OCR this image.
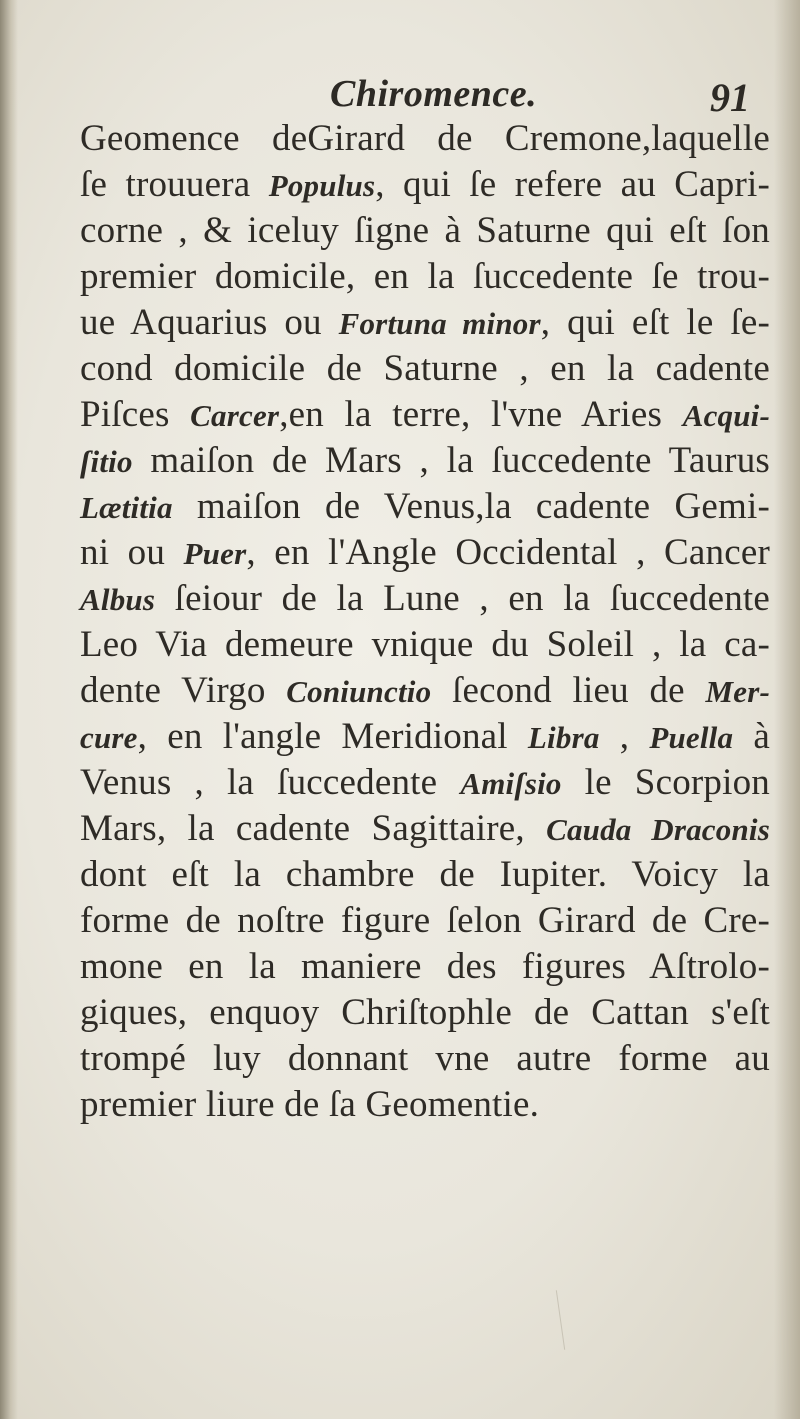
Chiromence.	91
Geomence deGirard de Cremone,laquelle
ſe trouuera Populus, qui ſe refere au Capri-
corne , & iceluy ſigne à Saturne qui eſt ſon
premier domicile, en la ſuccedente ſe trou-
ue Aquarius ou Fortuna minor, qui eſt le ſe-
cond domicile de Saturne , en la cadente
Piſces Carcer,en la terre, l'vne Aries Acqui-
ſitio maiſon de Mars , la ſuccedente Taurus
Lætitia maiſon de Venus,la cadente Gemi-
ni ou Puer, en l'Angle Occidental , Cancer
Albus ſeiour de la Lune , en la ſuccedente
Leo Via demeure vnique du Soleil , la ca-
dente Virgo Coniunctio ſecond lieu de Mer-
cure, en l'angle Meridional Libra , Puella à
Venus , la ſuccedente Amiſsio le Scorpion
Mars, la cadente Sagittaire, Cauda Draconis
dont eſt la chambre de Iupiter. Voicy la
forme de noſtre figure ſelon Girard de Cre-
mone en la maniere des figures Aſtrolo-
giques, enquoy Chriſtophle de Cattan s'eſt
trompé luy donnant vne autre forme au
premier liure de ſa Geomentie.
